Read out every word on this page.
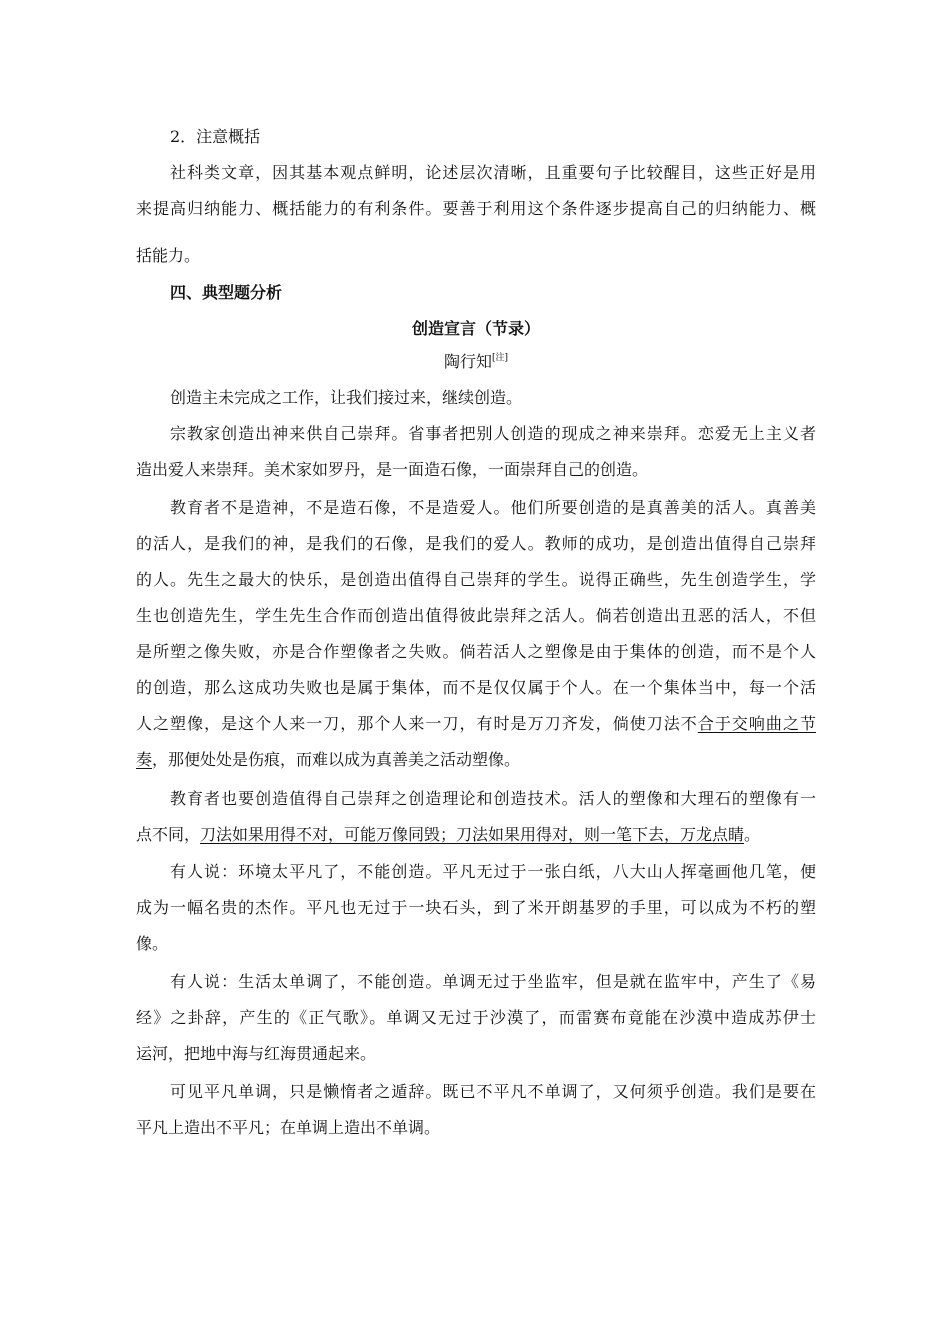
2．注意概括
社科类文章，因其基本观点鲜明，论述层次清晰，且重要句子比较醒目，这些正好是用
来提高归纳能力、概括能力的有利条件。要善于利用这个条件逐步提高自己的归纳能力、概
括能力。
四、典型题分析
创造宣言（节录）
陶行知[注]
创造主未完成之工作，让我们接过来，继续创造。
宗教家创造出神来供自己崇拜。省事者把别人创造的现成之神来崇拜。恋爱无上主义者
造出爱人来崇拜。美术家如罗丹，是一面造石像，一面崇拜自己的创造。
教育者不是造神，不是造石像，不是造爱人。他们所要创造的是真善美的活人。真善美
的活人，是我们的神，是我们的石像，是我们的爱人。教师的成功，是创造出值得自己崇拜
的人。先生之最大的快乐，是创造出值得自己崇拜的学生。说得正确些，先生创造学生，学
生也创造先生，学生先生合作而创造出值得彼此崇拜之活人。倘若创造出丑恶的活人，不但
是所塑之像失败，亦是合作塑像者之失败。倘若活人之塑像是由于集体的创造，而不是个人
的创造，那么这成功失败也是属于集体，而不是仅仅属于个人。在一个集体当中，每一个活
人之塑像，是这个人来一刀，那个人来一刀，有时是万刀齐发，倘使刀法不合于交响曲之节
奏，那便处处是伤痕，而难以成为真善美之活动塑像。
教育者也要创造值得自己崇拜之创造理论和创造技术。活人的塑像和大理石的塑像有一
点不同，刀法如果用得不对，可能万像同毁；刀法如果用得对，则一笔下去，万龙点睛。
有人说：环境太平凡了，不能创造。平凡无过于一张白纸，八大山人挥毫画他几笔，便
成为一幅名贵的杰作。平凡也无过于一块石头，到了米开朗基罗的手里，可以成为不朽的塑
像。
有人说：生活太单调了，不能创造。单调无过于坐监牢，但是就在监牢中，产生了《易
经》之卦辞，产生的《正气歌》。单调又无过于沙漠了，而雷赛布竟能在沙漠中造成苏伊士
运河，把地中海与红海贯通起来。
可见平凡单调，只是懒惰者之遁辞。既已不平凡不单调了，又何须乎创造。我们是要在
平凡上造出不平凡；在单调上造出不单调。
